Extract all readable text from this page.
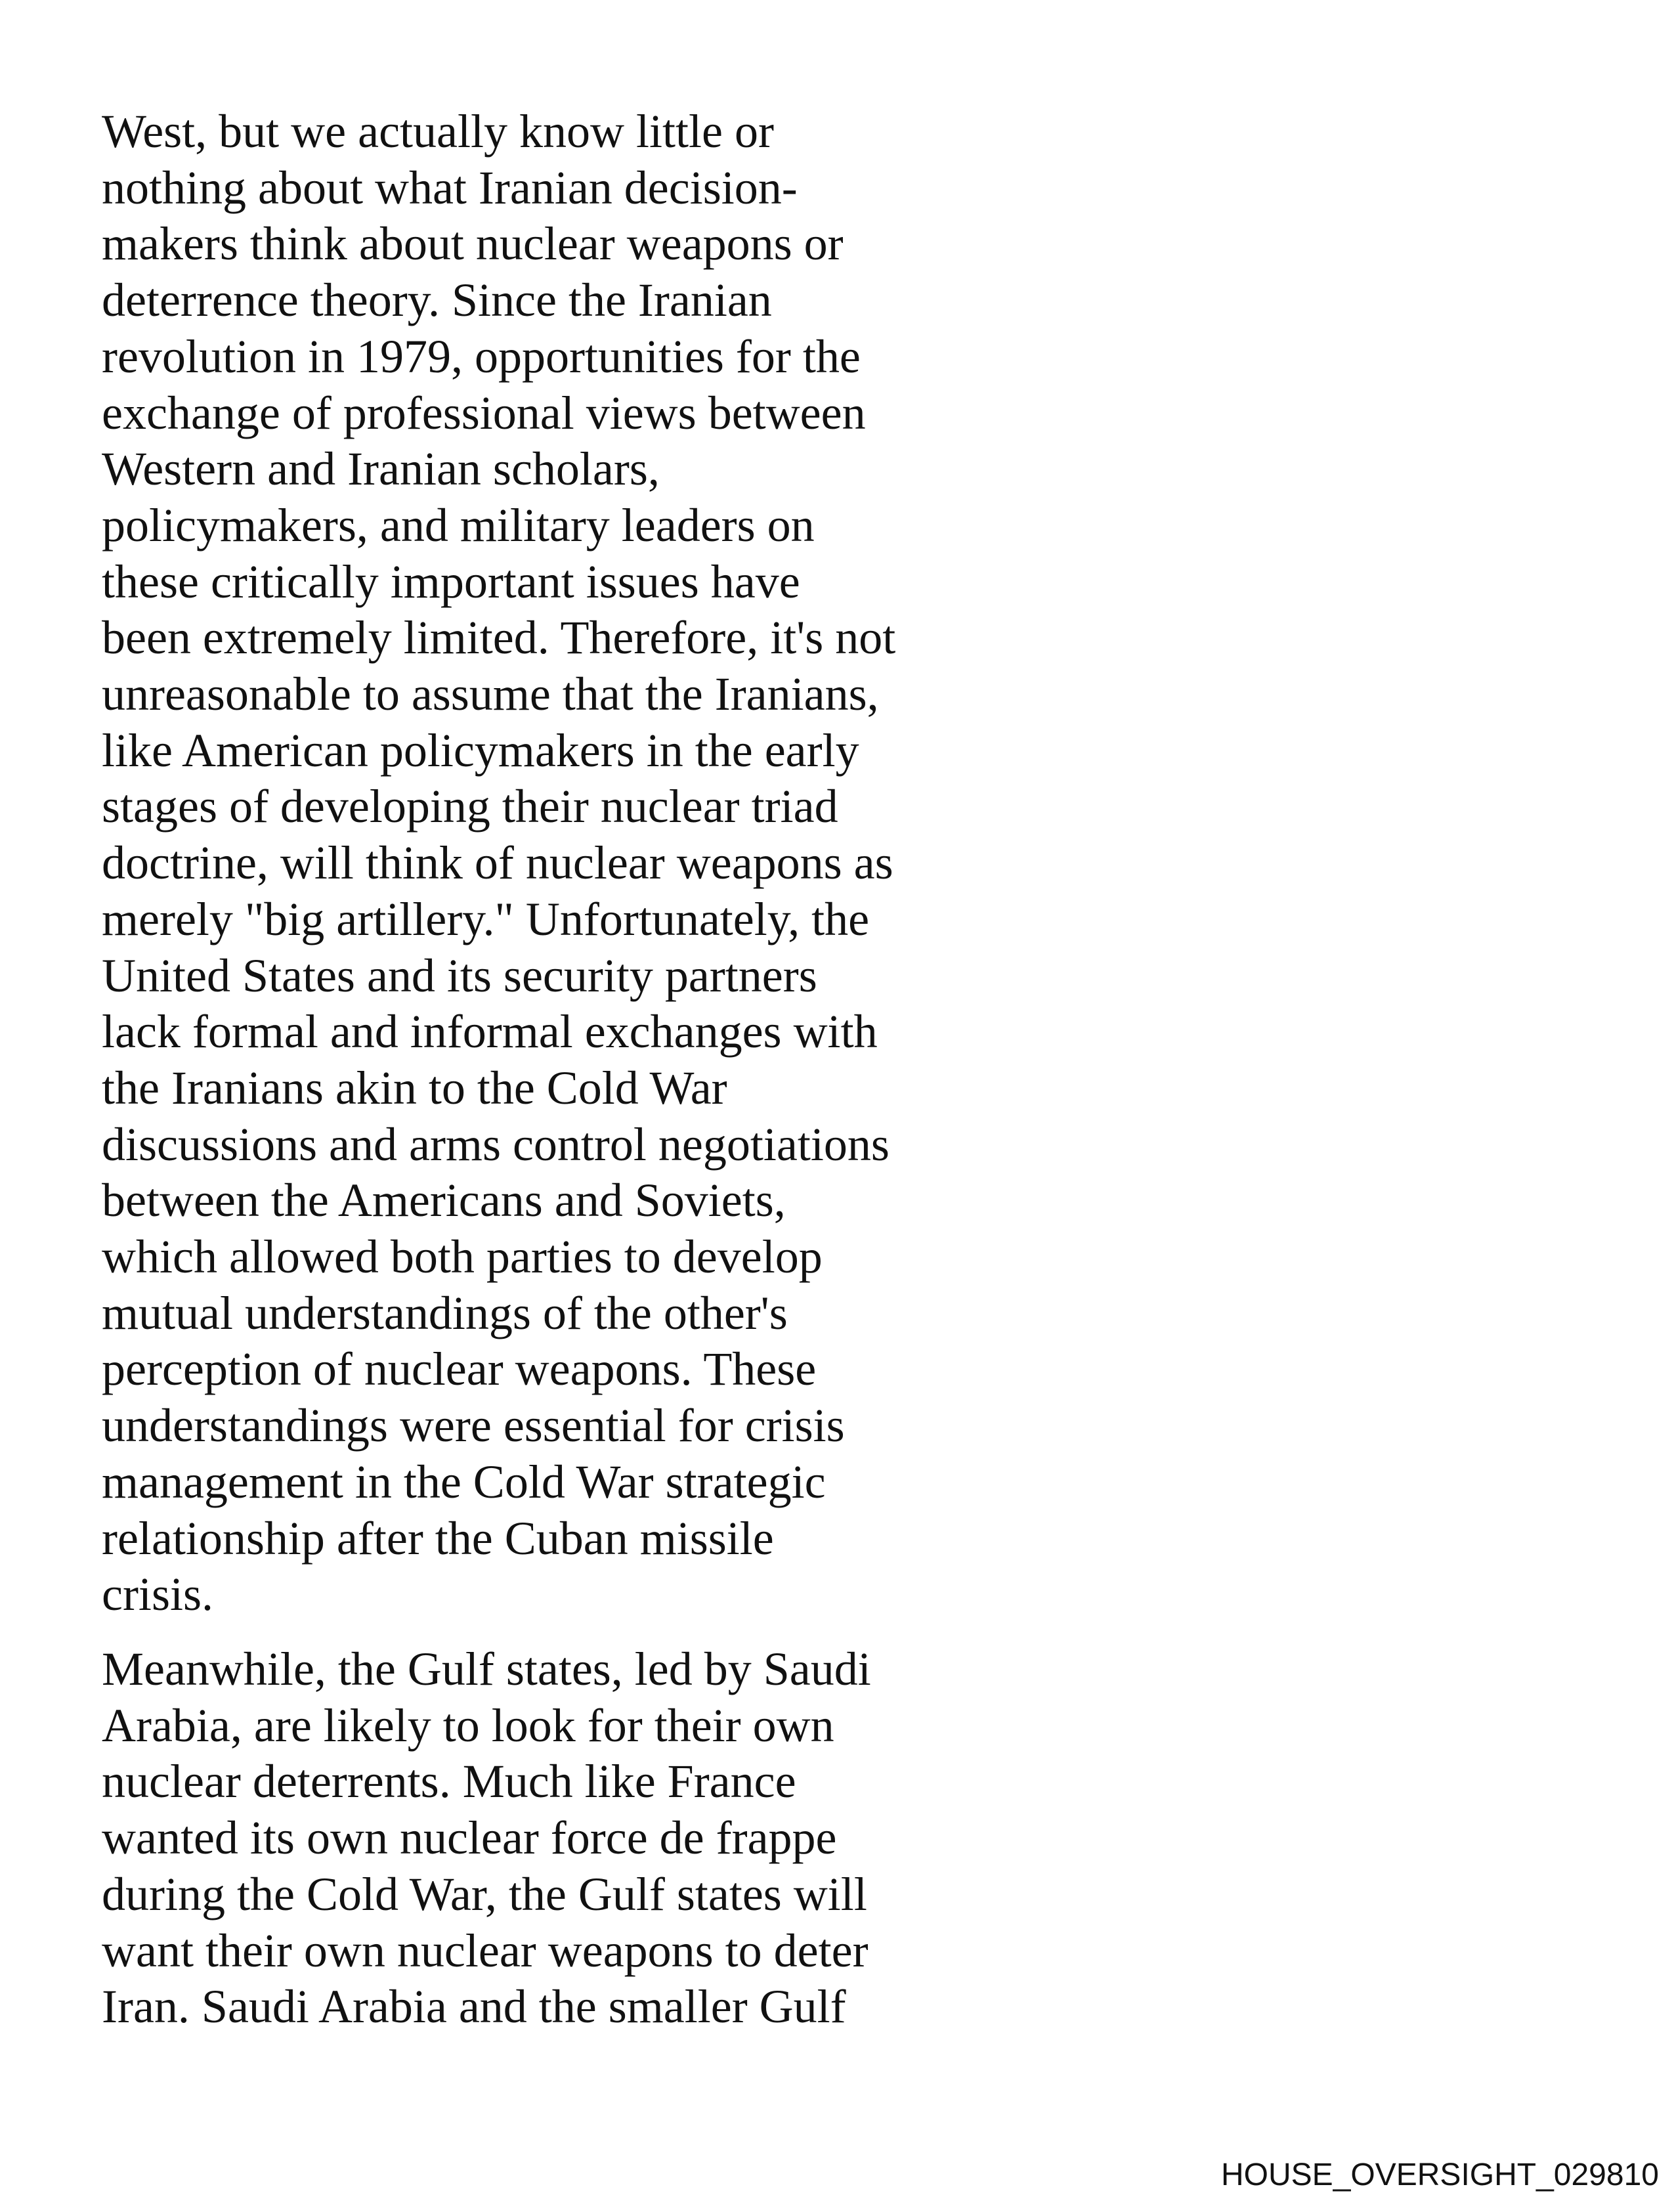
West, but we actually know little or
nothing about what Iranian decision-
makers think about nuclear weapons or
deterrence theory. Since the Iranian
revolution in 1979, opportunities for the
exchange of professional views between
Western and Iranian scholars,
policymakers, and military leaders on
these critically important issues have
been extremely limited. Therefore, it's not
unreasonable to assume that the Iranians,
like American policymakers in the early
stages of developing their nuclear triad
doctrine, will think of nuclear weapons as
merely "big artillery." Unfortunately, the
United States and its security partners
lack formal and informal exchanges with
the Iranians akin to the Cold War
discussions and arms control negotiations
between the Americans and Soviets,
which allowed both parties to develop
mutual understandings of the other's
perception of nuclear weapons. These
understandings were essential for crisis
management in the Cold War strategic
relationship after the Cuban missile
crisis.
Meanwhile, the Gulf states, led by Saudi
Arabia, are likely to look for their own
nuclear deterrents. Much like France
wanted its own nuclear force de frappe
during the Cold War, the Gulf states will
want their own nuclear weapons to deter
Iran. Saudi Arabia and the smaller Gulf
HOUSE_OVERSIGHT_029810
